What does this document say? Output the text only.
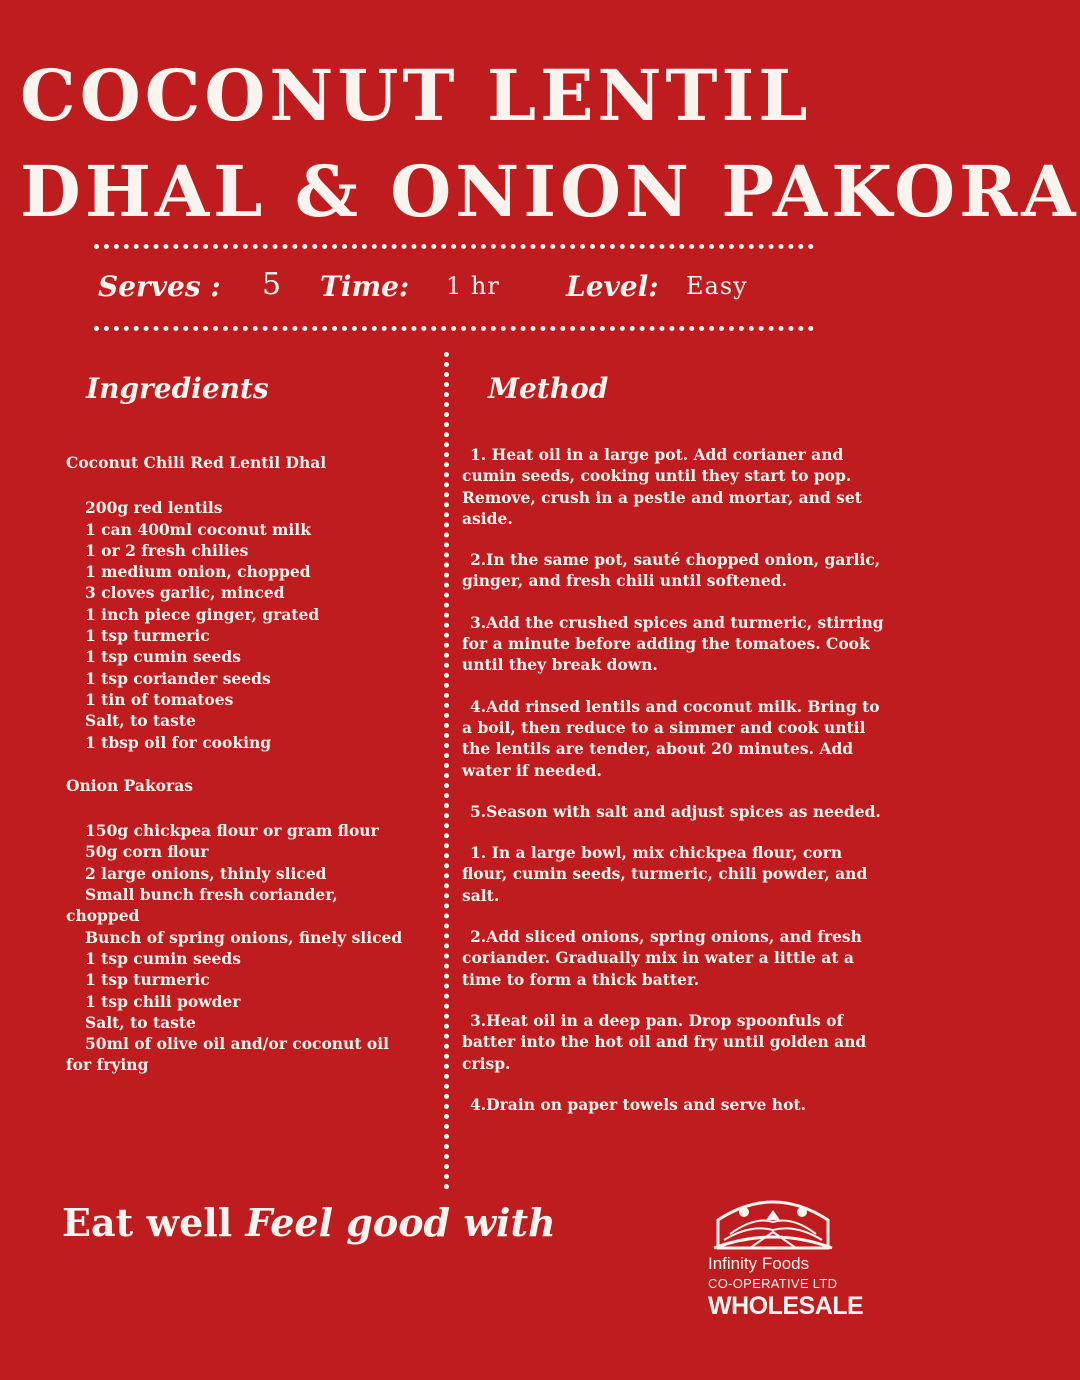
COCONUT LENTIL
DHAL & ONION PAKORA
Serves : 5 Time: 1 hr Level: Easy
Ingredients	Method
Coconut Chili Red Lentil Dhal
200g red lentils
1 can 400ml coconut milk
1 or 2 fresh chilies
1 medium onion, chopped
3 cloves garlic, minced
1 inch piece ginger, grated
1 tsp turmeric
1 tsp cumin seeds
1 tsp coriander seeds
1 tin of tomatoes
Salt, to taste
1 tbsp oil for cooking
Onion Pakoras
150g chickpea flour or gram flour
50g corn flour
2 large onions, thinly sliced
Small bunch fresh coriander, chopped
Bunch of spring onions, finely sliced
1 tsp cumin seeds
1 tsp turmeric
1 tsp chili powder
Salt, to taste
50ml of olive oil and/or coconut oil for frying

1. Heat oil in a large pot. Add corianer and cumin seeds, cooking until they start to pop. Remove, crush in a pestle and mortar, and set aside.

2.In the same pot, sauté chopped onion, garlic, ginger, and fresh chili until softened.

3.Add the crushed spices and turmeric, stirring for a minute before adding the tomatoes. Cook until they break down.

4.Add rinsed lentils and coconut milk. Bring to a boil, then reduce to a simmer and cook until the lentils are tender, about 20 minutes. Add water if needed.

5.Season with salt and adjust spices as needed.

1. In a large bowl, mix chickpea flour, corn flour, cumin seeds, turmeric, chili powder, and salt.

2.Add sliced onions, spring onions, and fresh coriander. Gradually mix in water a little at a time to form a thick batter.

3.Heat oil in a deep pan. Drop spoonfuls of batter into the hot oil and fry until golden and crisp.

4.Drain on paper towels and serve hot.

Eat well Feel good with
Infinity Foods
CO-OPERATIVE LTD
WHOLESALE
